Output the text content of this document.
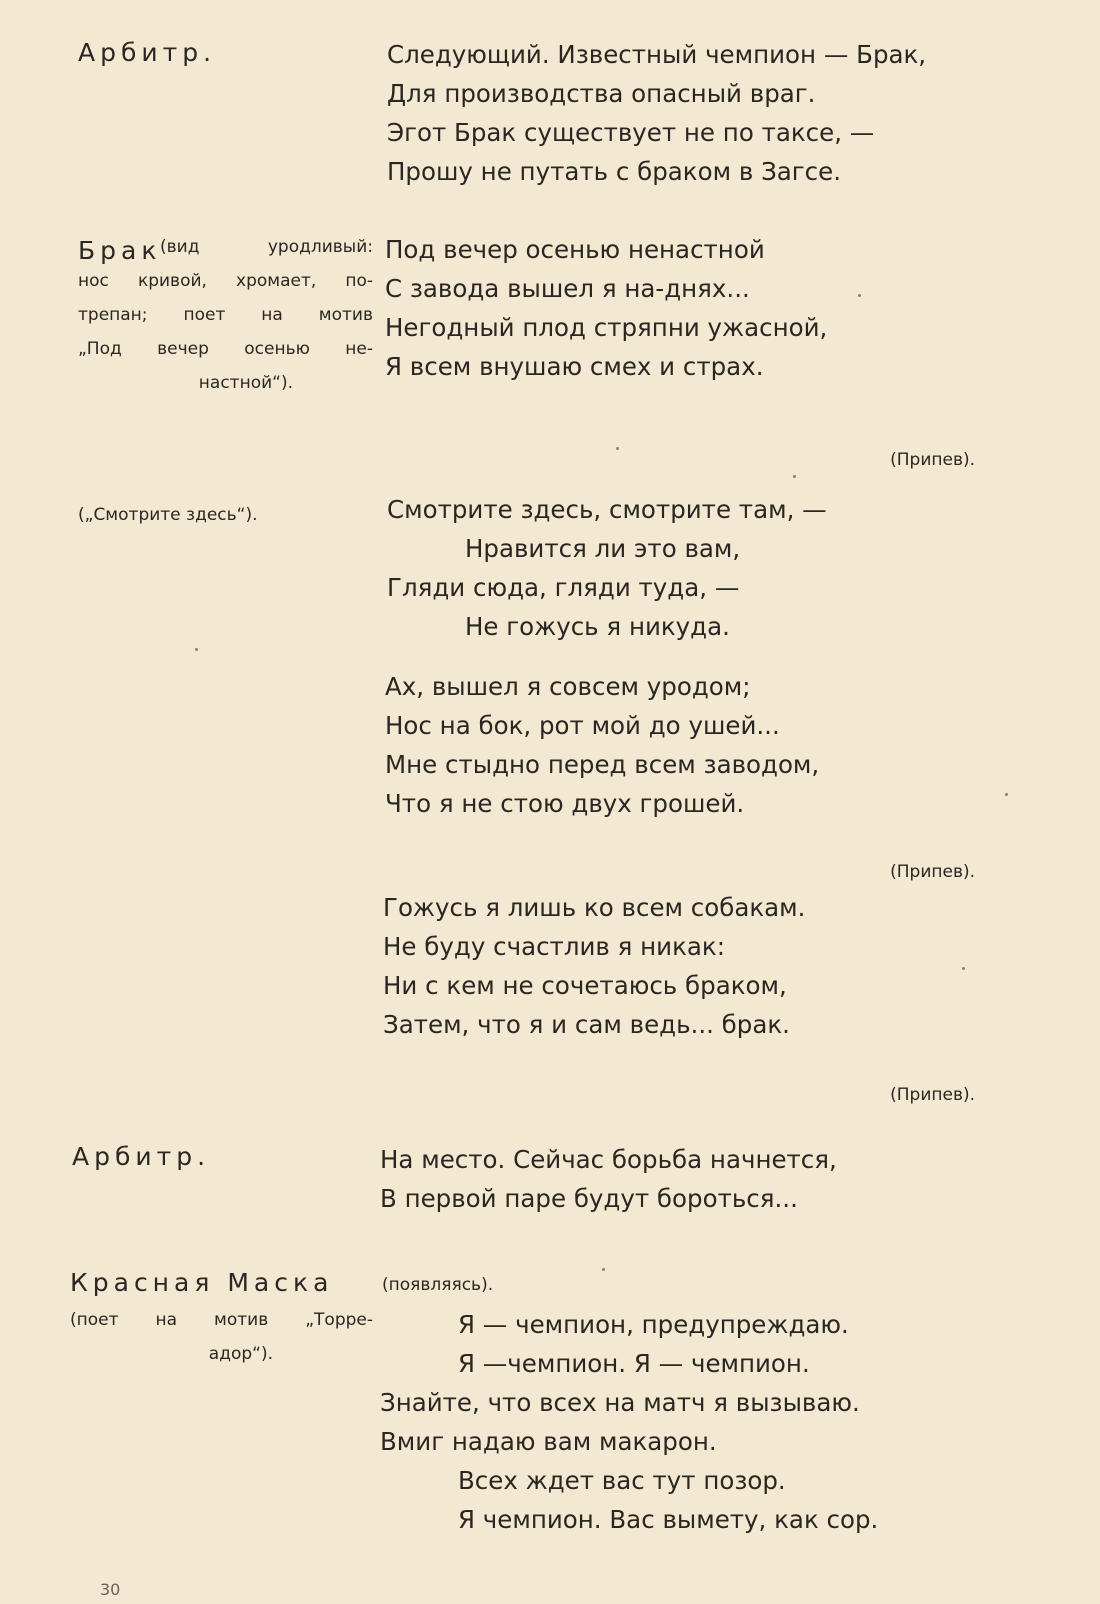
Арбитр.	Следующий. Известный чемпион — Брак,
Для производства опасный враг.
Эгот Брак существует не по таксе, —
Прошу не путать с браком в Загсе.
Брак
(вид уродливый:
нос кривой, хромает, по-
трепан; поет на мотив
„Под вечер осенью не-
настной“).
Под вечер осенью ненастной
С завода вышел я на-днях...
Негодный плод стряпни ужасной,
Я всем внушаю смех и страх.
(Припев).
(„Смотрите здесь“).	Смотрите здесь, смотрите там, —
Нравится ли это вам,
Гляди сюда, гляди туда, —
Не гожусь я никуда.
Ах, вышел я совсем уродом;
Нос на бок, рот мой до ушей...
Мне стыдно перед всем заводом,
Что я не стою двух грошей.
(Припев).
Гожусь я лишь ко всем собакам.
Не буду счастлив я никак:
Ни с кем не сочетаюсь браком,
Затем, что я и сам ведь... брак.
(Припев).
Арбитр.	На место. Сейчас борьба начнется,
В первой паре будут бороться...
Красная Маска	(появляясь).
(поет на мотив „Торре-
адор“).
Я — чемпион, предупреждаю.
Я —чемпион. Я — чемпион.
Знайте, что всех на матч я вызываю.
Вмиг надаю вам макарон.
Всех ждет вас тут позор.
Я чемпион. Вас вымету, как сор.
30
